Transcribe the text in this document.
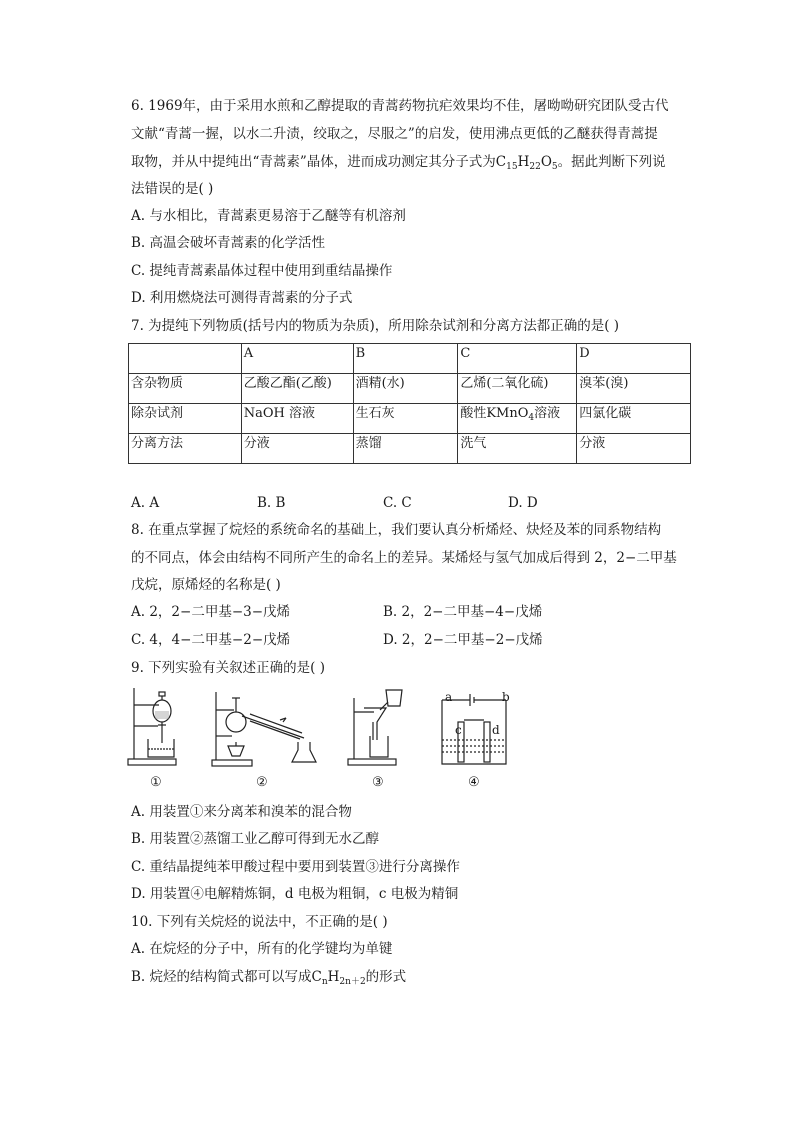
6. 1969年，由于采用水煎和乙醇提取的青蒿药物抗疟效果均不佳，屠呦呦研究团队受古代
文献“青蒿一握，以水二升渍，绞取之，尽服之”的启发，使用沸点更低的乙醚获得青蒿提
取物，并从中提纯出“青蒿素”晶体，进而成功测定其分子式为$C_{15}H_{22}O_5$。据此判断下列说
法错误的是( )
A. 与水相比，青蒿素更易溶于乙醚等有机溶剂
B. 高温会破坏青蒿素的化学活性
C. 提纯青蒿素晶体过程中使用到重结晶操作
D. 利用燃烧法可测得青蒿素的分子式
7. 为提纯下列物质(括号内的物质为杂质)，所用除杂试剂和分离方法都正确的是( )
	A	B	C	D
含杂物质	乙酸乙酯(乙酸)	酒精(水)	乙烯(二氧化硫)	溴苯(溴)
除杂试剂	NaOH 溶液	生石灰	酸性KMnO$_4$溶液	四氯化碳
分离方法	分液	蒸馏	洗气	分液
A. A	B. B	C. C	D. D
8. 在重点掌握了烷烃的系统命名的基础上，我们要认真分析烯烃、炔烃及苯的同系物结构
的不同点，体会由结构不同所产生的命名上的差异。某烯烃与氢气加成后得到 2，2−二甲基
戊烷，原烯烃的名称是( )
A. 2，2−二甲基−3−戊烯	B. 2，2−二甲基−4−戊烯
C. 4，4−二甲基−2−戊烯	D. 2，2−二甲基−2−戊烯
9. 下列实验有关叙述正确的是( )
a	b
c	d
①	②	③	④
A. 用装置①来分离苯和溴苯的混合物
B. 用装置②蒸馏工业乙醇可得到无水乙醇
C. 重结晶提纯苯甲酸过程中要用到装置③进行分离操作
D. 用装置④电解精炼铜，d 电极为粗铜，c 电极为精铜
10. 下列有关烷烃的说法中，不正确的是( )
A. 在烷烃的分子中，所有的化学键均为单键
B. 烷烃的结构简式都可以写成$C_nH_{2n+2}$的形式
